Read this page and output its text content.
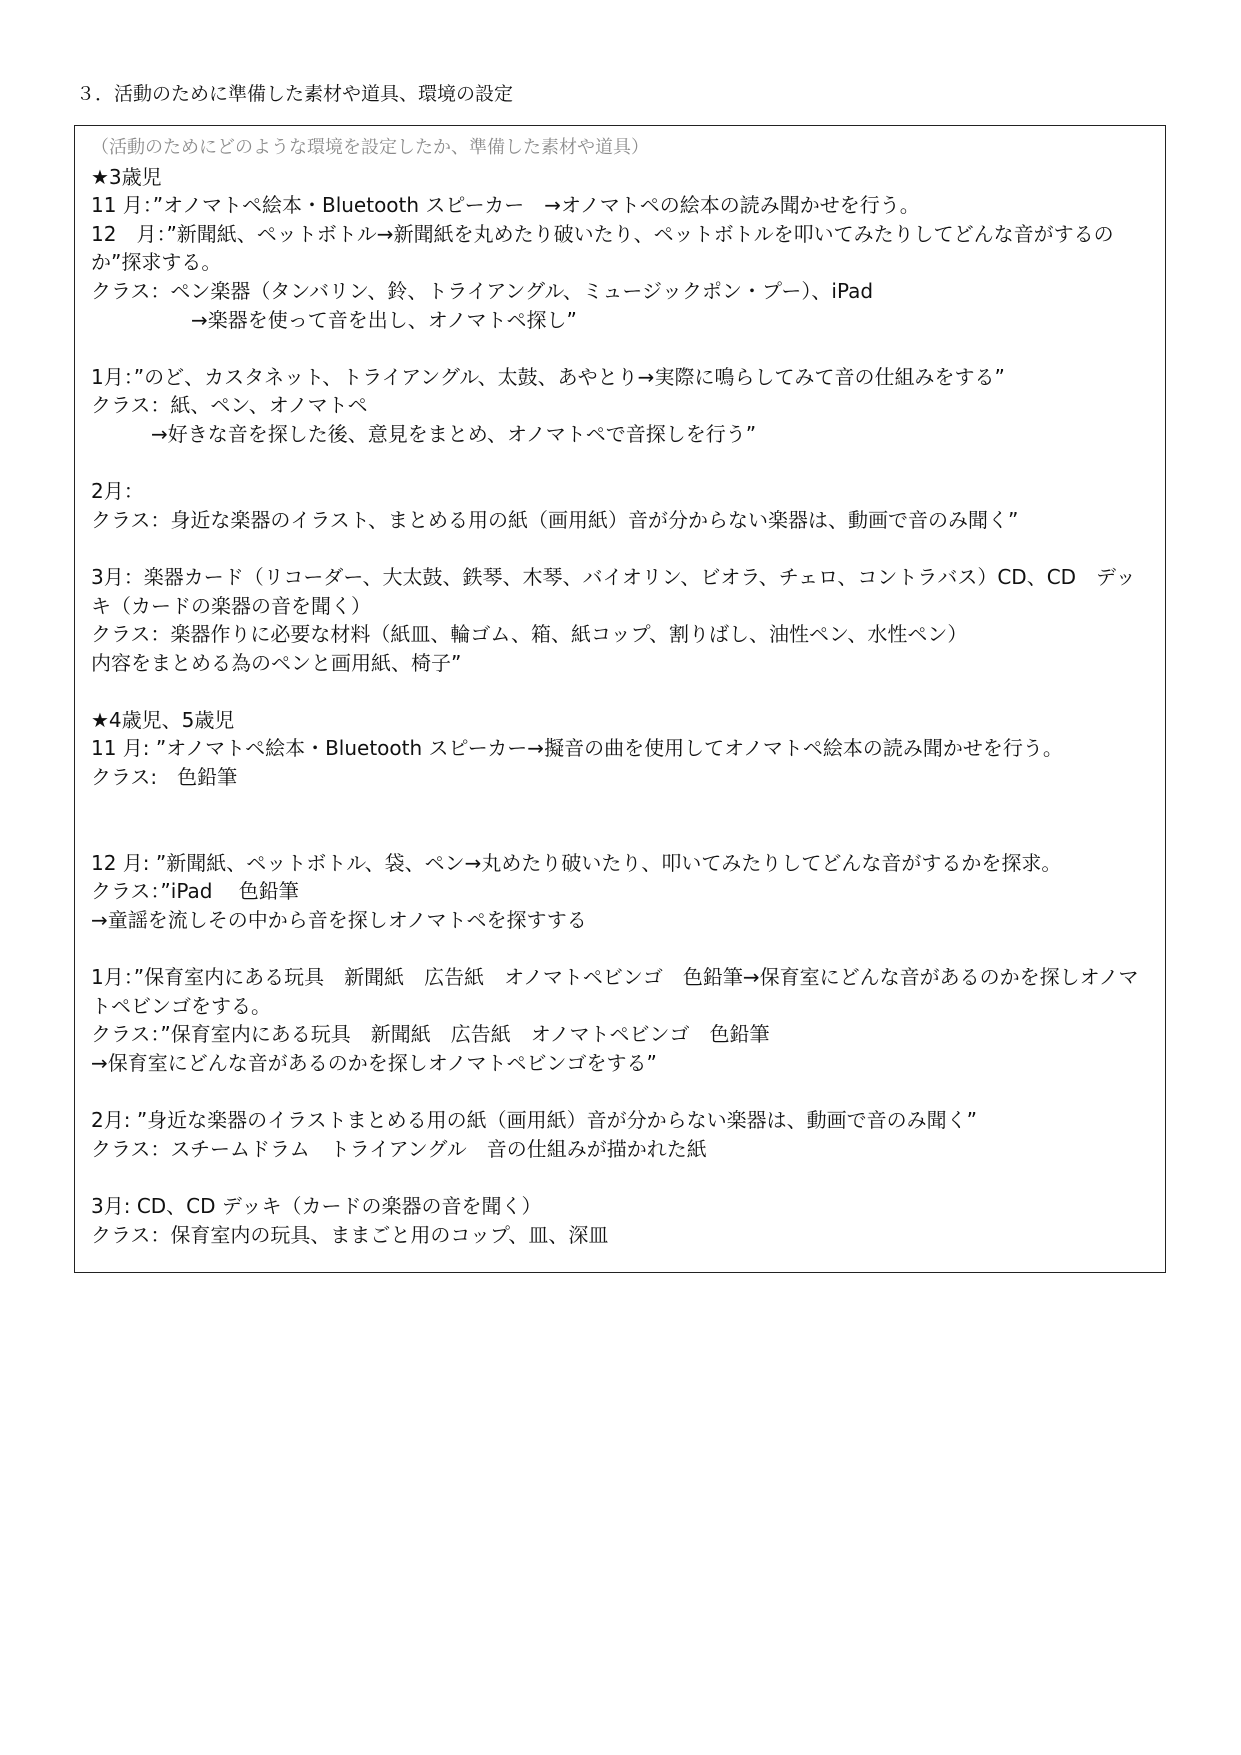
３．活動のために準備した素材や道具、環境の設定
（活動のためにどのような環境を設定したか、準備した素材や道具）
★3歳児
11 月：”オノマトペ絵本・Bluetooth スピーカー　→オノマトペの絵本の読み聞かせを行う。
12　月：”新聞紙、ペットボトル→新聞紙を丸めたり破いたり、ペットボトルを叩いてみたりしてどんな音がするのか”探求する。
クラス：ペン楽器（タンバリン、鈴、トライアングル、ミュージックポン・プー）、iPad
　　　　　→楽器を使って音を出し、オノマトペ探し”
1月：”のど、カスタネット、トライアングル、太鼓、あやとり→実際に鳴らしてみて音の仕組みをする”
クラス：紙、ペン、オノマトペ
　　　→好きな音を探した後、意見をまとめ、オノマトペで音探しを行う”
2月：
クラス：身近な楽器のイラスト、まとめる用の紙（画用紙）音が分からない楽器は、動画で音のみ聞く”
3月：楽器カード（リコーダー、大太鼓、鉄琴、木琴、バイオリン、ビオラ、チェロ、コントラバス）CD、CD　デッキ（カードの楽器の音を聞く）
クラス：楽器作りに必要な材料（紙皿、輪ゴム、箱、紙コップ、割りばし、油性ペン、水性ペン）
内容をまとめる為のペンと画用紙、椅子”
★4歳児、5歳児
11 月: ”オノマトペ絵本・Bluetooth スピーカー→擬音の曲を使用してオノマトペ絵本の読み聞かせを行う。
クラス:　色鉛筆
12 月: ”新聞紙、ペットボトル、袋、ペン→丸めたり破いたり、叩いてみたりしてどんな音がするかを探求。
クラス：”iPad　 色鉛筆
→童謡を流しその中から音を探しオノマトペを探すする
1月：”保育室内にある玩具　新聞紙　広告紙　オノマトペビンゴ　色鉛筆→保育室にどんな音があるのかを探しオノマトペビンゴをする。
クラス：”保育室内にある玩具　新聞紙　広告紙　オノマトペビンゴ　色鉛筆
→保育室にどんな音があるのかを探しオノマトペビンゴをする”
2月: ”身近な楽器のイラストまとめる用の紙（画用紙）音が分からない楽器は、動画で音のみ聞く”
クラス：スチームドラム　トライアングル　音の仕組みが描かれた紙
3月: CD、CD デッキ（カードの楽器の音を聞く）
クラス：保育室内の玩具、ままごと用のコップ、皿、深皿
